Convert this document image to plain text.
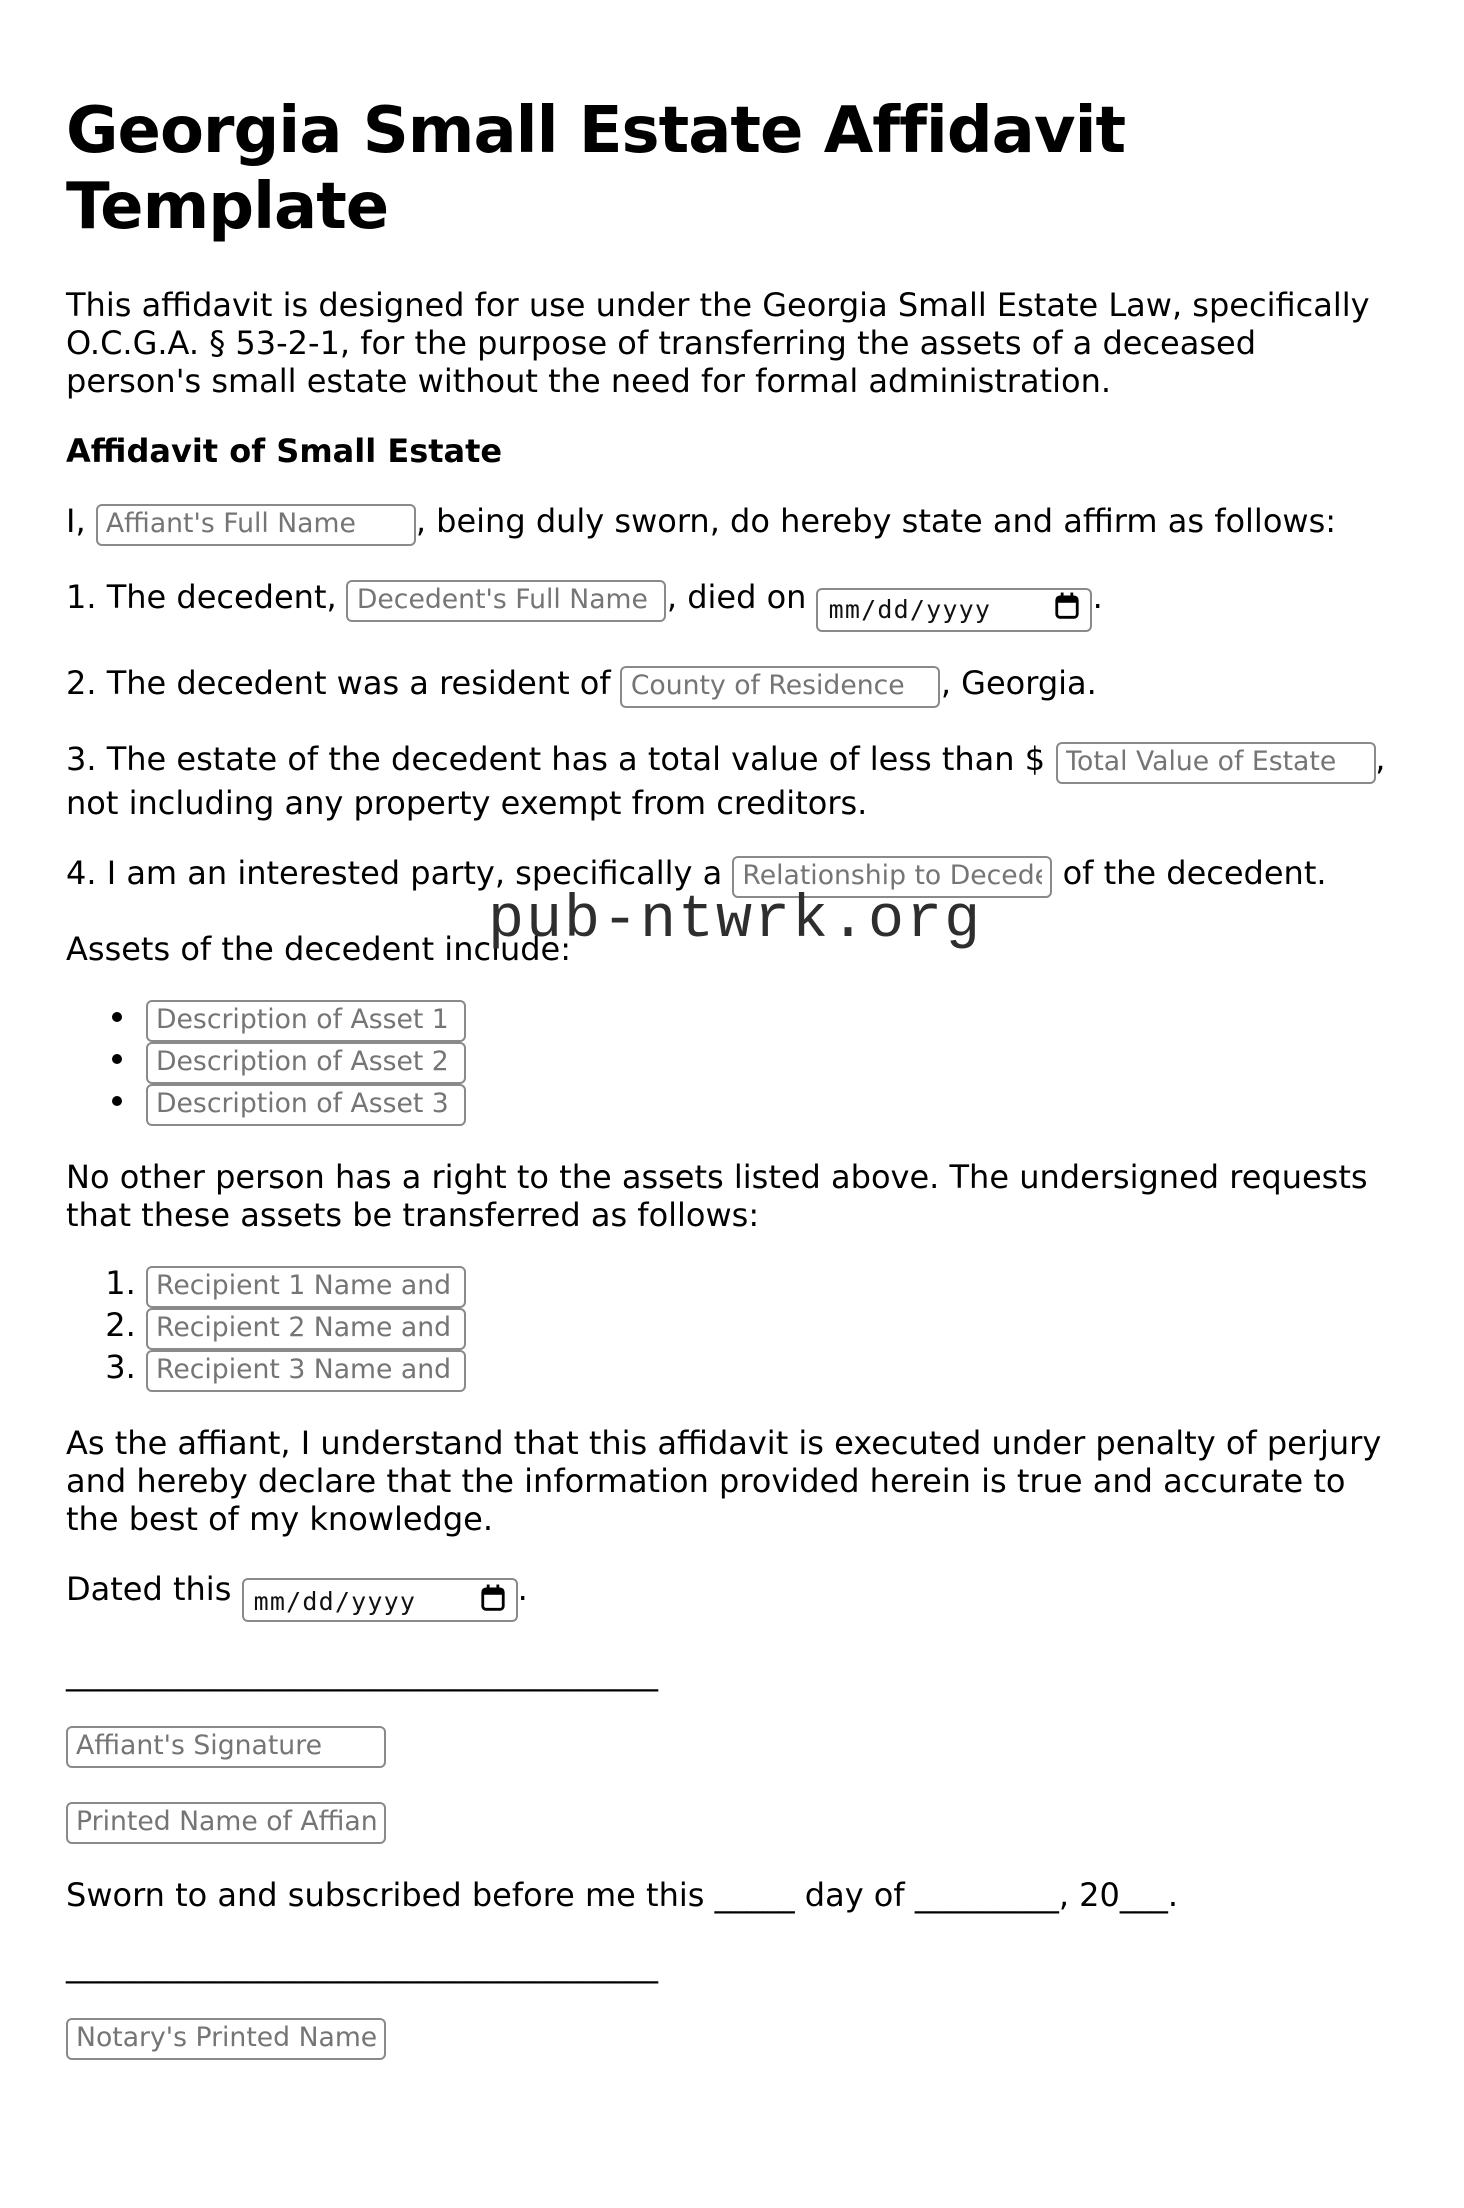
Georgia Small Estate Affidavit Template

This affidavit is designed for use under the Georgia Small Estate Law, specifically O.C.G.A. § 53-2-1, for the purpose of transferring the assets of a deceased person's small estate without the need for formal administration.

Affidavit of Small Estate

I, Affiant's Full Name	, being duly sworn, do hereby state and affirm as follows:

1. The decedent, Decedent's Full Name	, died on mm/dd/yyyy	.

2. The decedent was a resident of County of Residence	, Georgia.

3. The estate of the decedent has a total value of less than $ Total Value of Estate	, not including any property exempt from creditors.

4. I am an interested party, specifically a Relationship to Decedent	of the decedent.

Assets of the decedent include:

• Description of Asset 1
• Description of Asset 2
• Description of Asset 3
pub-ntwrk.org

No other person has a right to the assets listed above. The undersigned requests that these assets be transferred as follows:

1. Recipient 1 Name and Relationship
2. Recipient 2 Name and Relationship
3. Recipient 3 Name and Relationship

As the affiant, I understand that this affidavit is executed under penalty of perjury and hereby declare that the information provided herein is true and accurate to the best of my knowledge.

Dated this mm/dd/yyyy	.

_____________________________________

Affiant's Signature

Printed Name of Affiant

Sworn to and subscribed before me this _____ day of _________, 20___.

_____________________________________

Notary's Printed Name
